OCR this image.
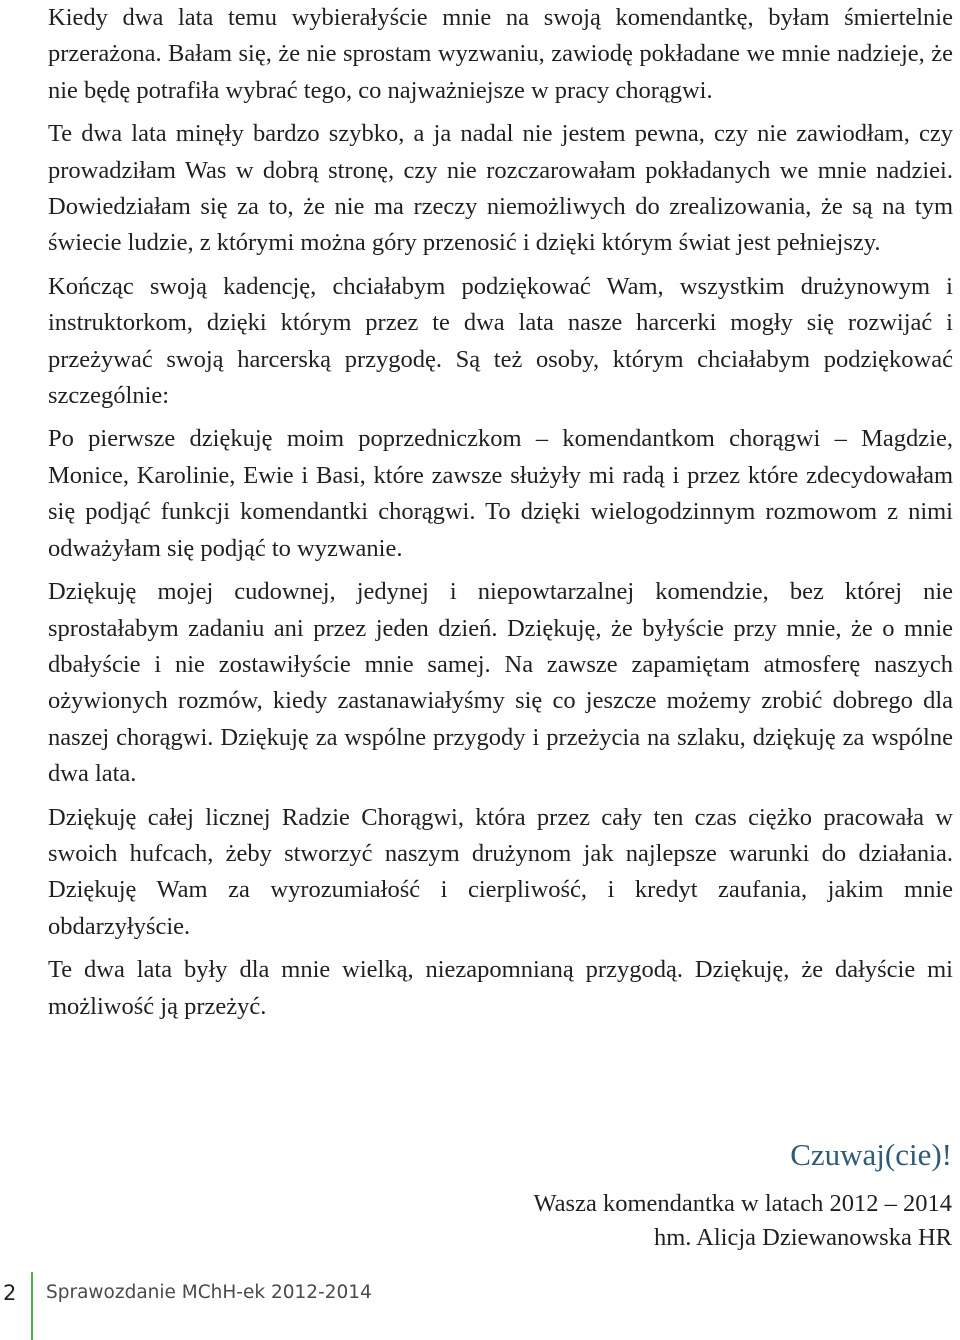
Kiedy dwa lata temu wybierałyście mnie na swoją komendantkę, byłam śmiertelnie przerażona. Bałam się, że nie sprostam wyzwaniu, zawiodę pokładane we mnie nadzieje, że nie będę potrafiła wybrać tego, co najważniejsze w pracy chorągwi.

Te dwa lata minęły bardzo szybko, a ja nadal nie jestem pewna, czy nie zawiodłam, czy prowadziłam Was w dobrą stronę, czy nie rozczarowałam pokładanych we mnie nadziei. Dowiedziałam się za to, że nie ma rzeczy niemożliwych do zrealizowania, że są na tym świecie ludzie, z którymi można góry przenosić i dzięki którym świat jest pełniejszy.

Kończąc swoją kadencję, chciałabym podziękować Wam, wszystkim drużynowym i instruktorkom, dzięki którym przez te dwa lata nasze harcerki mogły się rozwijać i przeżywać swoją harcerską przygodę. Są też osoby, którym chciałabym podziękować szczególnie:

Po pierwsze dziękuję moim poprzedniczkom – komendantkom chorągwi – Magdzie, Monice, Karolinie, Ewie i Basi, które zawsze służyły mi radą i przez które zdecydowałam się podjąć funkcji komendantki chorągwi. To dzięki wielogodzinnym rozmowom z nimi odważyłam się podjąć to wyzwanie.

Dziękuję mojej cudownej, jedynej i niepowtarzalnej komendzie, bez której nie sprostałabym zadaniu ani przez jeden dzień. Dziękuję, że byłyście przy mnie, że o mnie dbałyście i nie zostawiłyście mnie samej. Na zawsze zapamiętam atmosferę naszych ożywionych rozmów, kiedy zastanawiałyśmy się co jeszcze możemy zrobić dobrego dla naszej chorągwi. Dziękuję za wspólne przygody i przeżycia na szlaku, dziękuję za wspólne dwa lata.

Dziękuję całej licznej Radzie Chorągwi, która przez cały ten czas ciężko pracowała w swoich hufcach, żeby stworzyć naszym drużynom jak najlepsze warunki do działania. Dziękuję Wam za wyrozumiałość i cierpliwość, i kredyt zaufania, jakim mnie obdarzyłyście.

Te dwa lata były dla mnie wielką, niezapomnianą przygodą. Dziękuję, że dałyście mi możliwość ją przeżyć.

Czuwaj(cie)!
Wasza komendantka w latach 2012 – 2014
hm. Alicja Dziewanowska HR
2 Sprawozdanie MChH-ek 2012-2014
